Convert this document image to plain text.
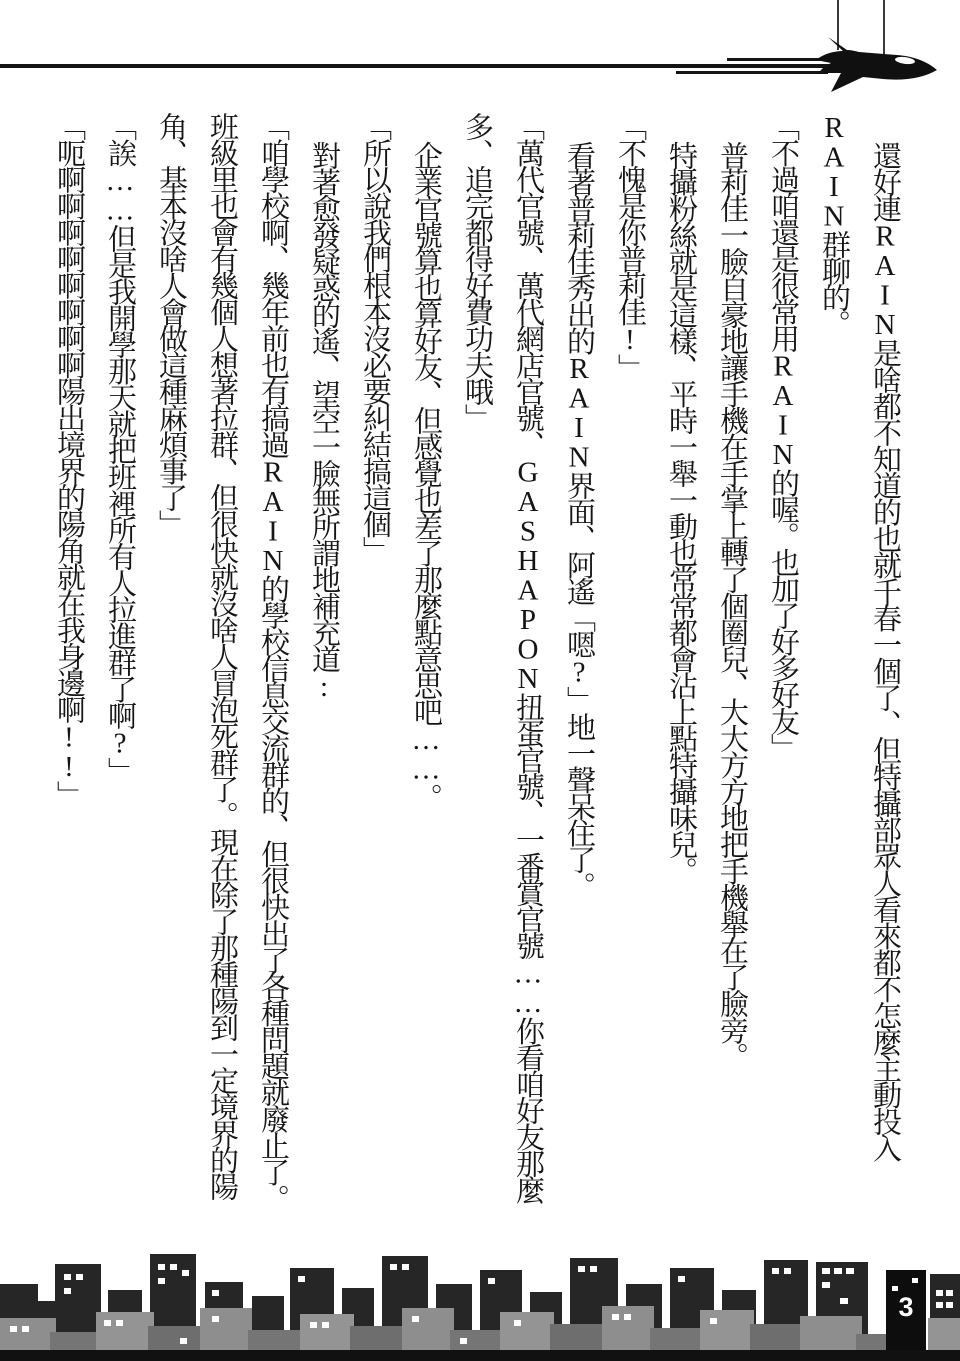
還好連RAIN是啥都不知道的也就千春一個了、但特攝部眾人看來都不怎麼主動投入RAIN群聊的。

「不過咱還是很常用RAIN的喔。也加了好多好友」

普莉佳一臉自豪地讓手機在手掌上轉了個圈兒、大大方方地把手機舉在了臉旁。

特攝粉絲就是這樣、平時一舉一動也常常都會沾上點特攝味兒。

「不愧是你普莉佳!」

看著普莉佳秀出的RAIN界面、阿遙「嗯?」地一聲呆住了。

「萬代官號、萬代網店官號、GASHAPON扭蛋官號、一番賞官號……你看咱好友那麼多、追完都得好費功夫哦」

企業官號算也算好友、但感覺也差了那麼點意思吧……。

「所以說我們根本沒必要糾結搞這個」

對著愈發疑惑的遙、望空一臉無所謂地補充道:

「咱學校啊、幾年前也有搞過RAIN的學校信息交流群的、但很快出了各種問題就廢止了。班級里也會有幾個人想著拉群、但很快就沒啥人冒泡死群了。現在除了那種陽到一定境界的陽角、基本沒啥人會做這種麻煩事了」

「誒……但是我開學那天就把班裡所有人拉進群了啊?」

「呃啊啊啊啊啊啊啊啊陽出境界的陽角就在我身邊啊!!」

3
